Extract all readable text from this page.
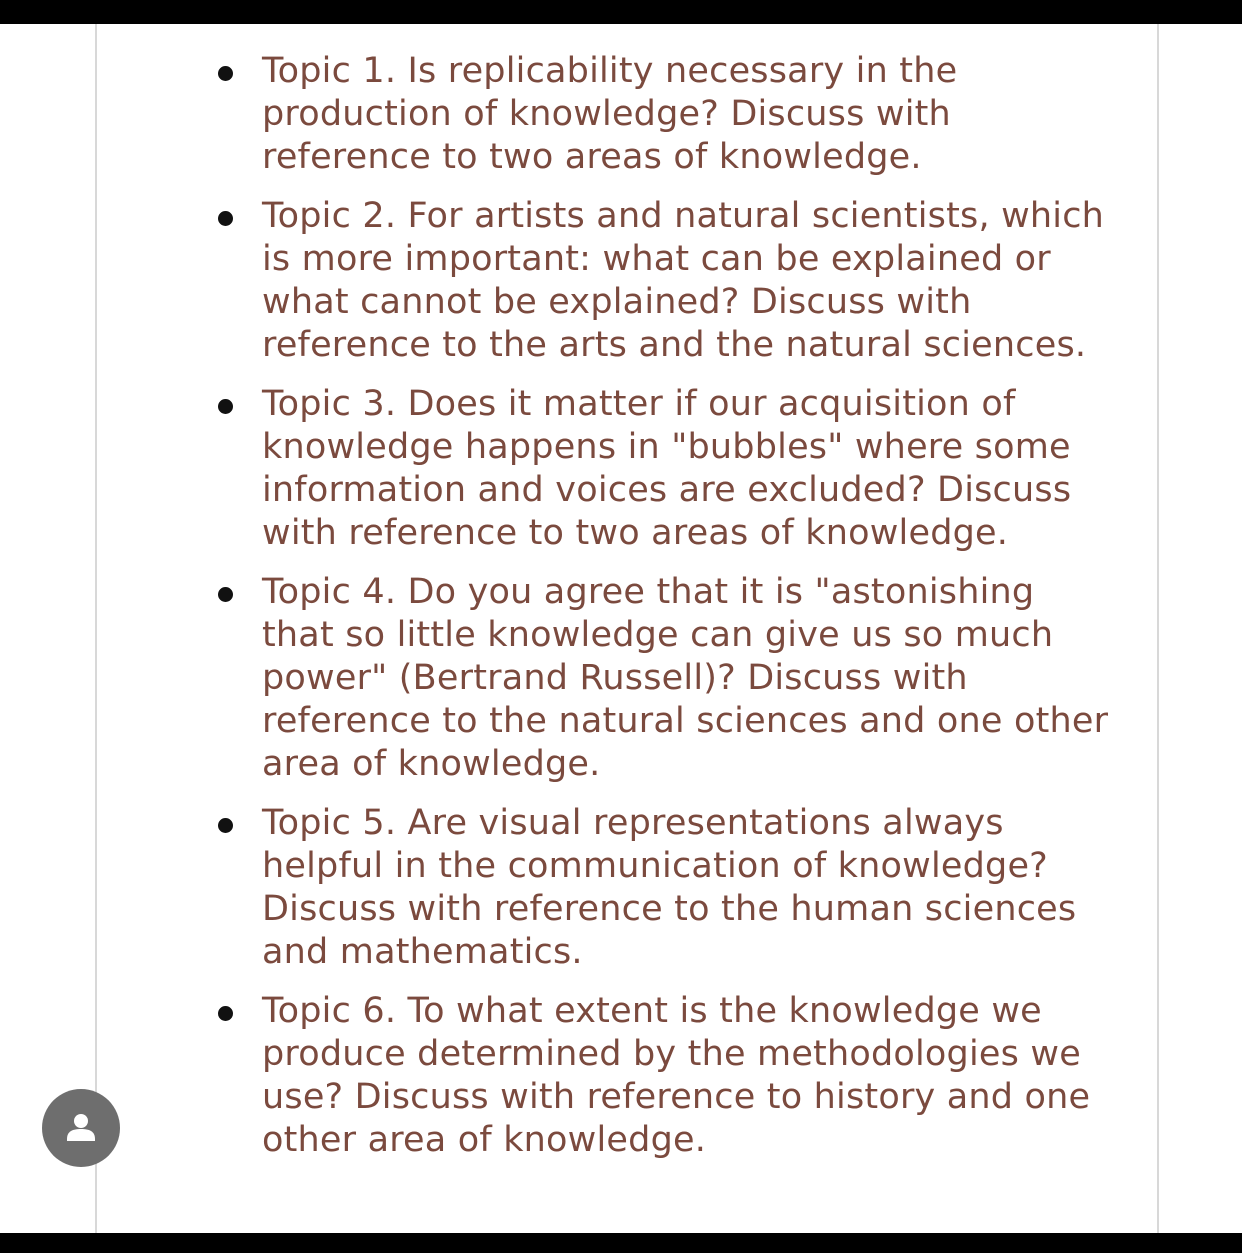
Topic 1. Is replicability necessary in the production of knowledge? Discuss with reference to two areas of knowledge.
Topic 2. For artists and natural scientists, which is more important: what can be explained or what cannot be explained? Discuss with reference to the arts and the natural sciences.
Topic 3. Does it matter if our acquisition of knowledge happens in "bubbles" where some information and voices are excluded? Discuss with reference to two areas of knowledge.
Topic 4. Do you agree that it is "astonishing that so little knowledge can give us so much power" (Bertrand Russell)? Discuss with reference to the natural sciences and one other area of knowledge.
Topic 5. Are visual representations always helpful in the communication of knowledge? Discuss with reference to the human sciences and mathematics.
Topic 6. To what extent is the knowledge we produce determined by the methodologies we use? Discuss with reference to history and one other area of knowledge.
